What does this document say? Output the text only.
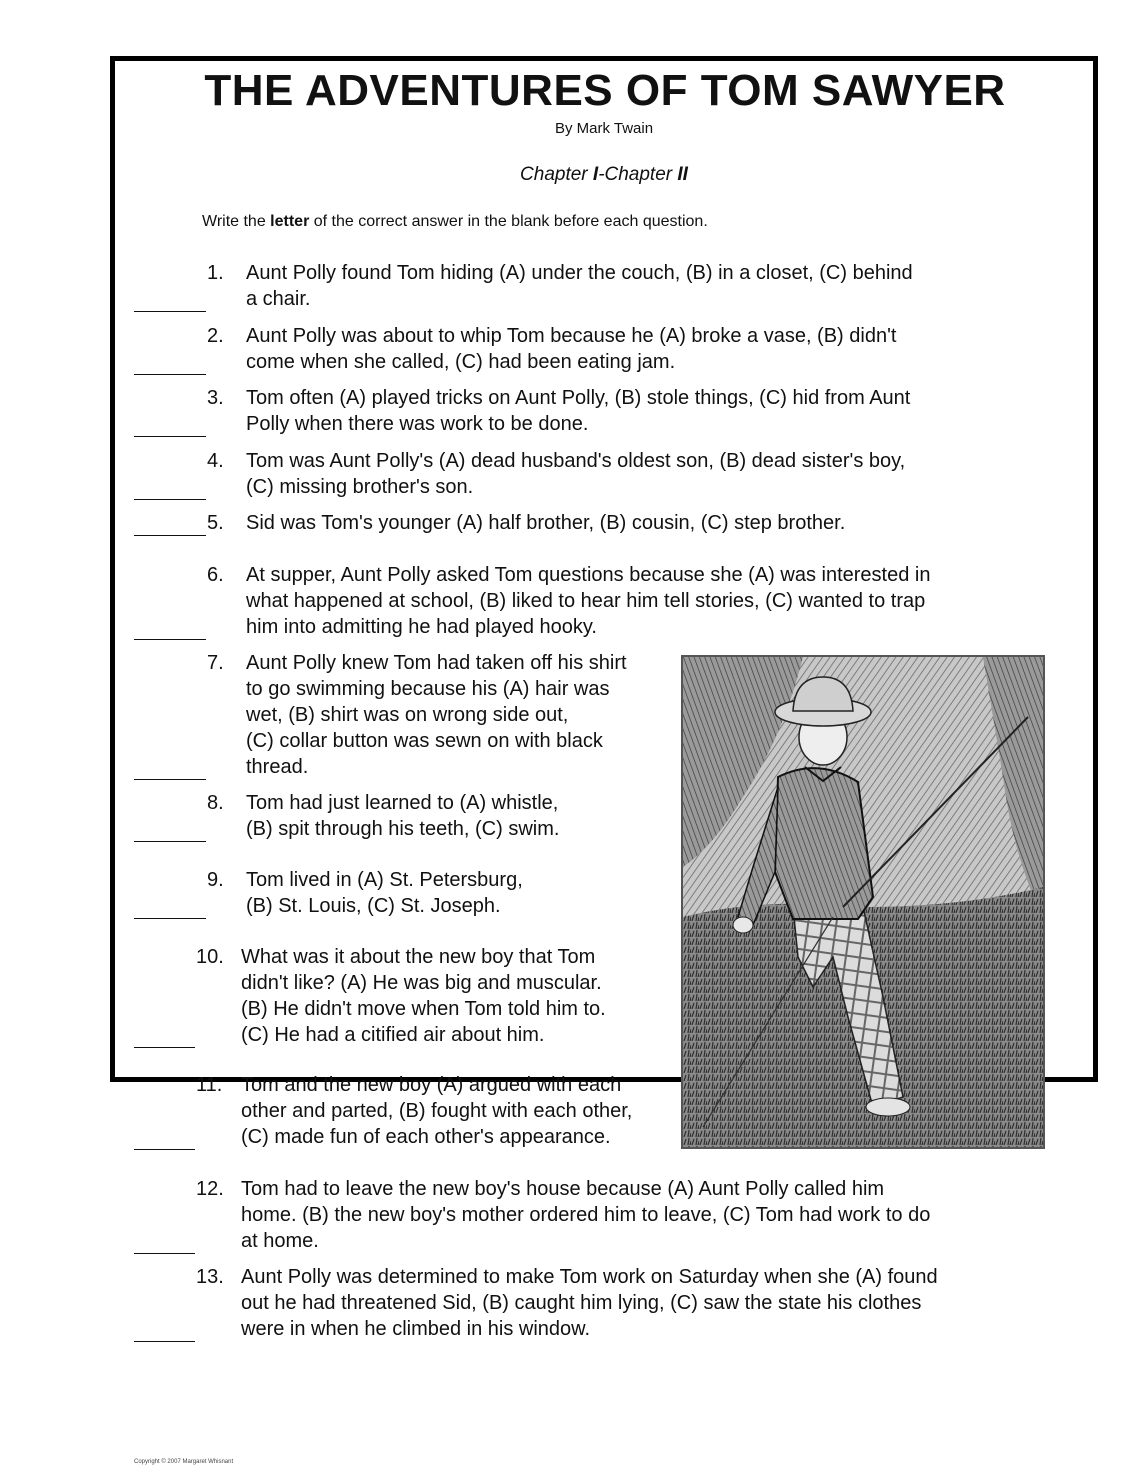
THE ADVENTURES OF TOM SAWYER
By Mark Twain
Chapter I-Chapter II
Write the letter of the correct answer in the blank before each question.
1.	Aunt Polly found Tom hiding (A) under the couch, (B) in a closet, (C) behind
a chair.
2.	Aunt Polly was about to whip Tom because he (A) broke a vase, (B) didn't
come when she called, (C) had been eating jam.
3.	Tom often (A) played tricks on Aunt Polly, (B) stole things, (C) hid from Aunt
Polly when there was work to be done.
4.	Tom was Aunt Polly's (A) dead husband's oldest son, (B) dead sister's boy,
(C) missing brother's son.
5.	Sid was Tom's younger (A) half brother, (B) cousin, (C) step brother.
6.	At supper, Aunt Polly asked Tom questions because she (A) was interested in
what happened at school, (B) liked to hear him tell stories, (C) wanted to trap
him into admitting he had played hooky.
7.	Aunt Polly knew Tom had taken off his shirt
to go swimming because his (A) hair was
wet, (B) shirt was on wrong side out,
(C) collar button was sewn on with black
thread.
8.	Tom had just learned to (A) whistle,
(B) spit through his teeth, (C) swim.
9.	Tom lived in (A) St. Petersburg,
(B) St. Louis, (C) St. Joseph.
10. What was it about the new boy that Tom
didn't like? (A) He was big and muscular.
(B) He didn't move when Tom told him to.
(C) He had a citified air about him.
11. Tom and the new boy (A) argued with each
other and parted, (B) fought with each other,
(C) made fun of each other's appearance.
12. Tom had to leave the new boy's house because (A) Aunt Polly called him
home. (B) the new boy's mother ordered him to leave, (C) Tom had work to do
at home.
13. Aunt Polly was determined to make Tom work on Saturday when she (A) found
out he had threatened Sid, (B) caught him lying, (C) saw the state his clothes
were in when he climbed in his window.
Copyright © 2007 Margaret Whisnant
